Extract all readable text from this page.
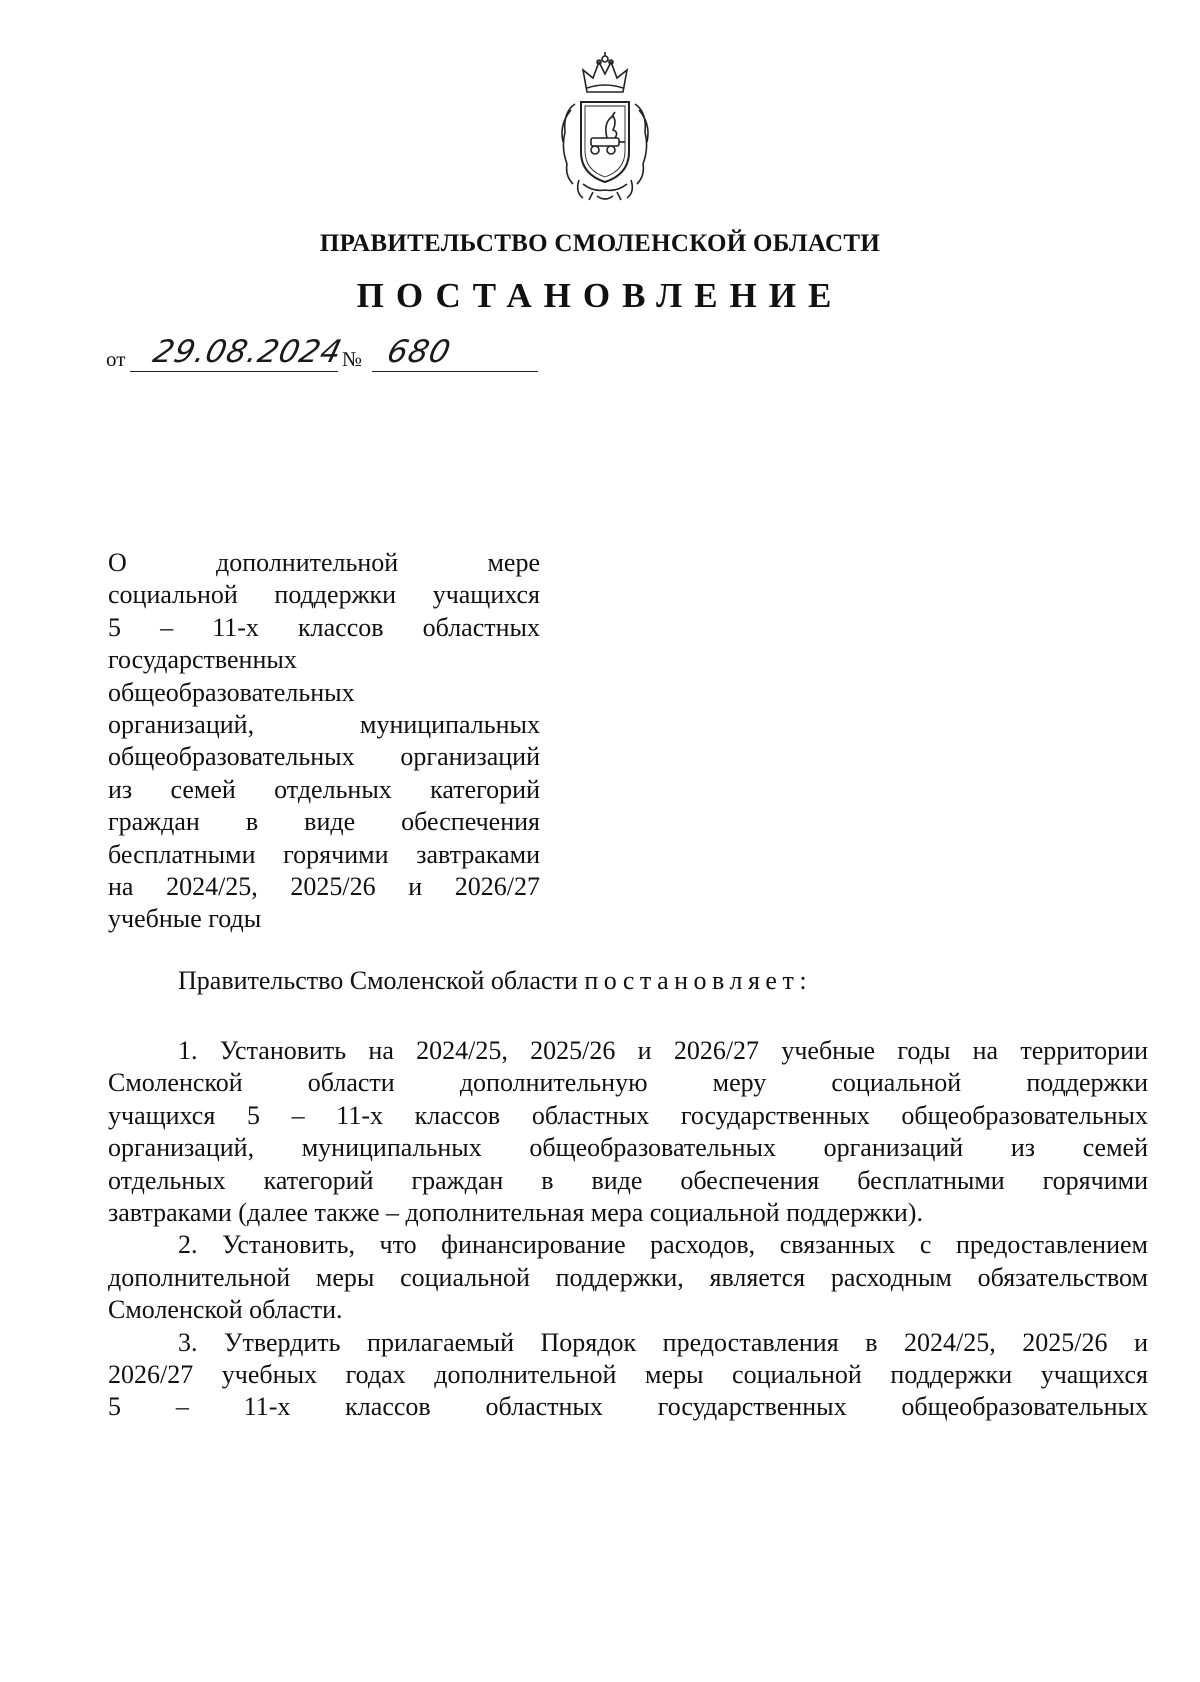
ПРАВИТЕЛЬСТВО СМОЛЕНСКОЙ ОБЛАСТИ
ПОСТАНОВЛЕНИЕ
от 29.08.2024
№ 680

О дополнительной мере

социальной поддержки учащихся

5 – 11-х классов областных

государственных

общеобразовательных

организаций, муниципальных

общеобразовательных организаций

из семей отдельных категорий

граждан в виде обеспечения

бесплатными горячими завтраками

на 2024/25, 2025/26 и 2026/27

учебные годы

Правительство Смоленской области постановляет:

1. Установить на 2024/25, 2025/26 и 2026/27 учебные годы на территории

Смоленской области дополнительную меру социальной поддержки

учащихся 5 – 11-х классов областных государственных общеобразовательных

организаций, муниципальных общеобразовательных организаций из семей

отдельных категорий граждан в виде обеспечения бесплатными горячими

завтраками (далее также – дополнительная мера социальной поддержки).

2. Установить, что финансирование расходов, связанных с предоставлением

дополнительной меры социальной поддержки, является расходным обязательством

Смоленской области.

3. Утвердить прилагаемый Порядок предоставления в 2024/25, 2025/26 и

2026/27 учебных годах дополнительной меры социальной поддержки учащихся

5 – 11-х классов областных государственных общеобразовательных
